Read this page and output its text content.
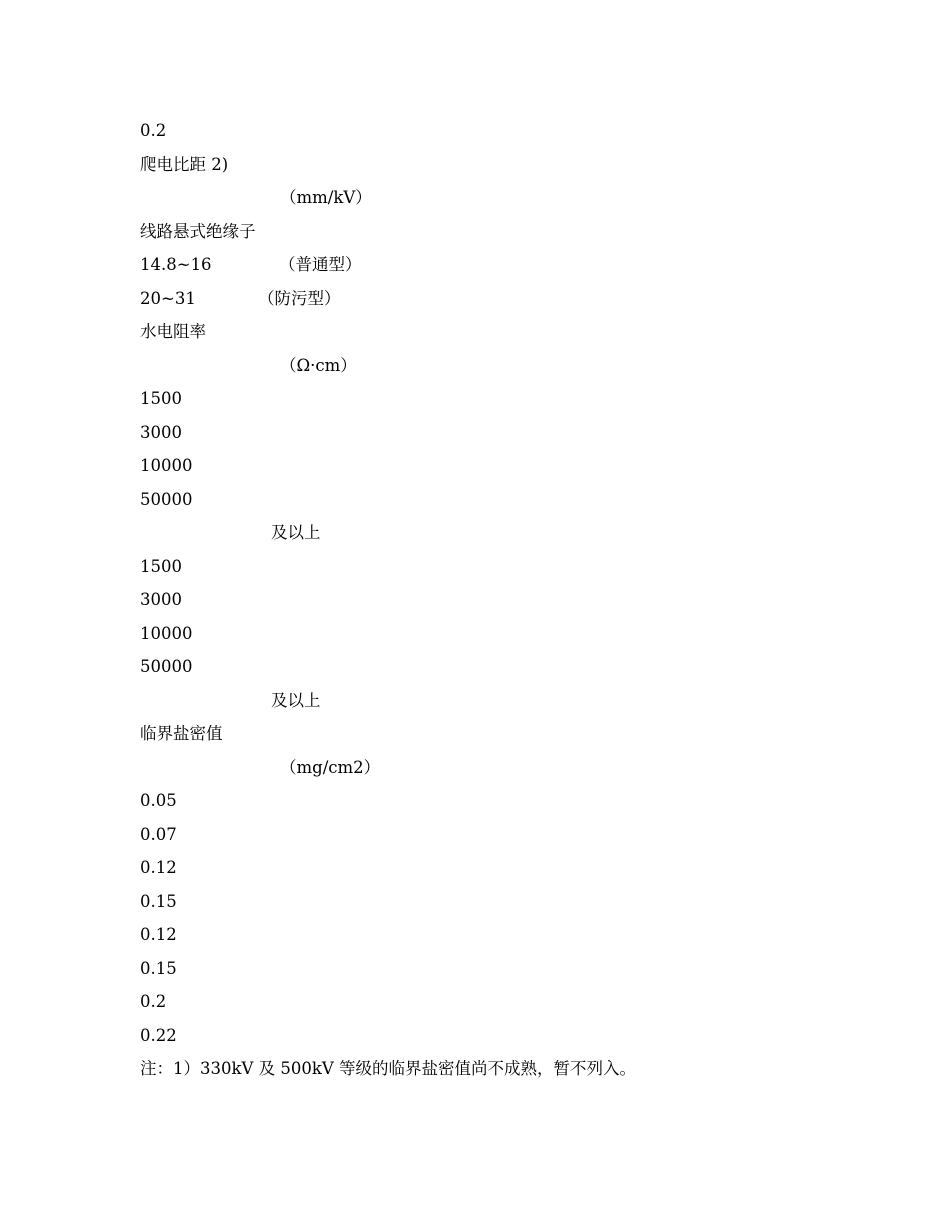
0.2
爬电比距 2)
（mm/kV）
线路悬式绝缘子
14.8~16	（普通型）
20~31	（防污型）
水电阻率
（Ω·cm）
1500
3000
10000
50000
及以上
1500
3000
10000
50000
及以上
临界盐密值
（mg/cm2）
0.05
0.07
0.12
0.15
0.12
0.15
0.2
0.22
注：1）330kV 及 500kV 等级的临界盐密值尚不成熟，暂不列入。
